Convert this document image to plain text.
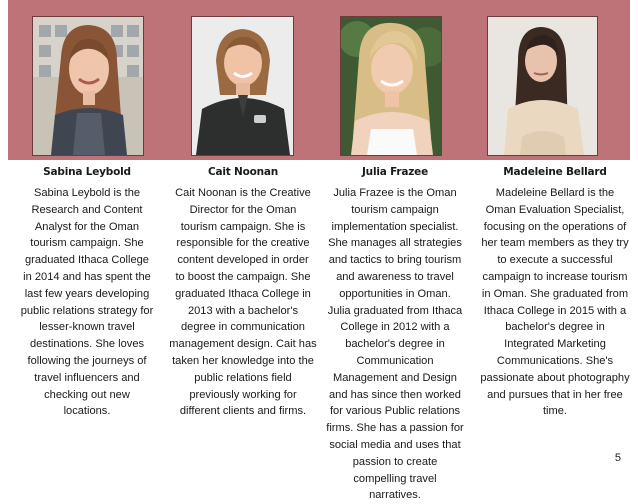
Sabina Leybold
Sabina Leybold is the
Research and Content
Analyst for the Oman
tourism campaign. She
graduated Ithaca College
in 2014 and has spent the
last few years developing
public relations strategy for
lesser-known travel
destinations. She loves
following the journeys of
travel influencers and
checking out new
locations.
Cait Noonan
Cait Noonan is the Creative
Director for the Oman
tourism campaign. She is
responsible for the creative
content developed in order
to boost the campaign. She
graduated Ithaca College in
2013 with a bachelor's
degree in communication
management design. Cait has
taken her knowledge into the
public relations field
previously working for
different clients and firms.
Julia Frazee
Julia Frazee is the Oman
tourism campaign
implementation specialist.
She manages all strategies
and tactics to bring tourism
and awareness to travel
opportunities in Oman.
Julia graduated from Ithaca
College in 2012 with a
bachelor's degree in
Communication
Management and Design
and has since then worked
for various Public relations
firms. She has a passion for
social media and uses that
passion to create
compelling travel
narratives.
Madeleine Bellard
Madeleine Bellard is the
Oman Evaluation Specialist,
focusing on the operations of
her team members as they try
to execute a successful
campaign to increase tourism
in Oman. She graduated from
Ithaca College in 2015 with a
bachelor's degree in
Integrated Marketing
Communications. She's
passionate about photography
and pursues that in her free
time.
5
